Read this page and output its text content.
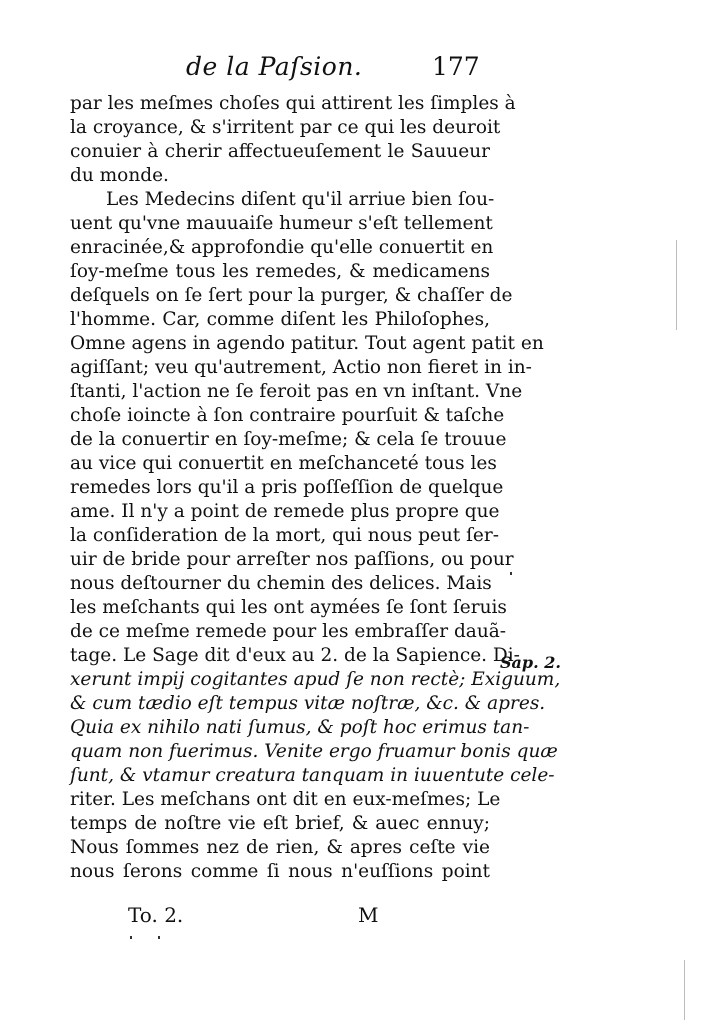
de la Paſsion.	177
par les meſmes choſes qui attirent les ſimples à
la croyance, & s'irritent par ce qui les deuroit
conuier à cherir affectueuſement le Sauueur
du monde.
Les Medecins diſent qu'il arriue bien ſou-
uent qu'vne mauuaiſe humeur s'eſt tellement
enracinée,& approfondie qu'elle conuertit en
ſoy-meſme tous les remedes, & medicamens
deſquels on ſe ſert pour la purger, & chaſſer de
l'homme. Car, comme diſent les Philoſophes,
Omne agens in agendo patitur. Tout agent patit en
agiſſant; veu qu'autrement, Actio non fieret in in-
ſtanti, l'action ne ſe feroit pas en vn inſtant. Vne
choſe ioincte à ſon contraire pourſuit & taſche
de la conuertir en ſoy-meſme; & cela ſe trouue
au vice qui conuertit en meſchanceté tous les
remedes lors qu'il a pris poſſeſſion de quelque
ame. Il n'y a point de remede plus propre que
la conſideration de la mort, qui nous peut ſer-
uir de bride pour arreſter nos paſſions, ou pour
nous deſtourner du chemin des delices. Mais
les meſchants qui les ont aymées ſe ſont ſeruis
de ce meſme remede pour les embraſſer dauã-
tage. Le Sage dit d'eux au 2. de la Sapience. Di-
xerunt impij cogitantes apud ſe non rectè; Exiguum,
& cum tædio eſt tempus vitæ noſtræ, &c. & apres.
Quia ex nihilo nati ſumus, & poſt hoc erimus tan-
quam non fuerimus. Venite ergo fruamur bonis quæ
ſunt, & vtamur creatura tanquam in iuuentute cele-
riter. Les meſchans ont dit en eux-meſmes; Le
temps de noſtre vie eſt brief, & auec ennuy;
Nous ſommes nez de rien, & apres ceſte vie
nous ſerons comme ſi nous n'euſſions point
Sap. 2.
To. 2.	M
